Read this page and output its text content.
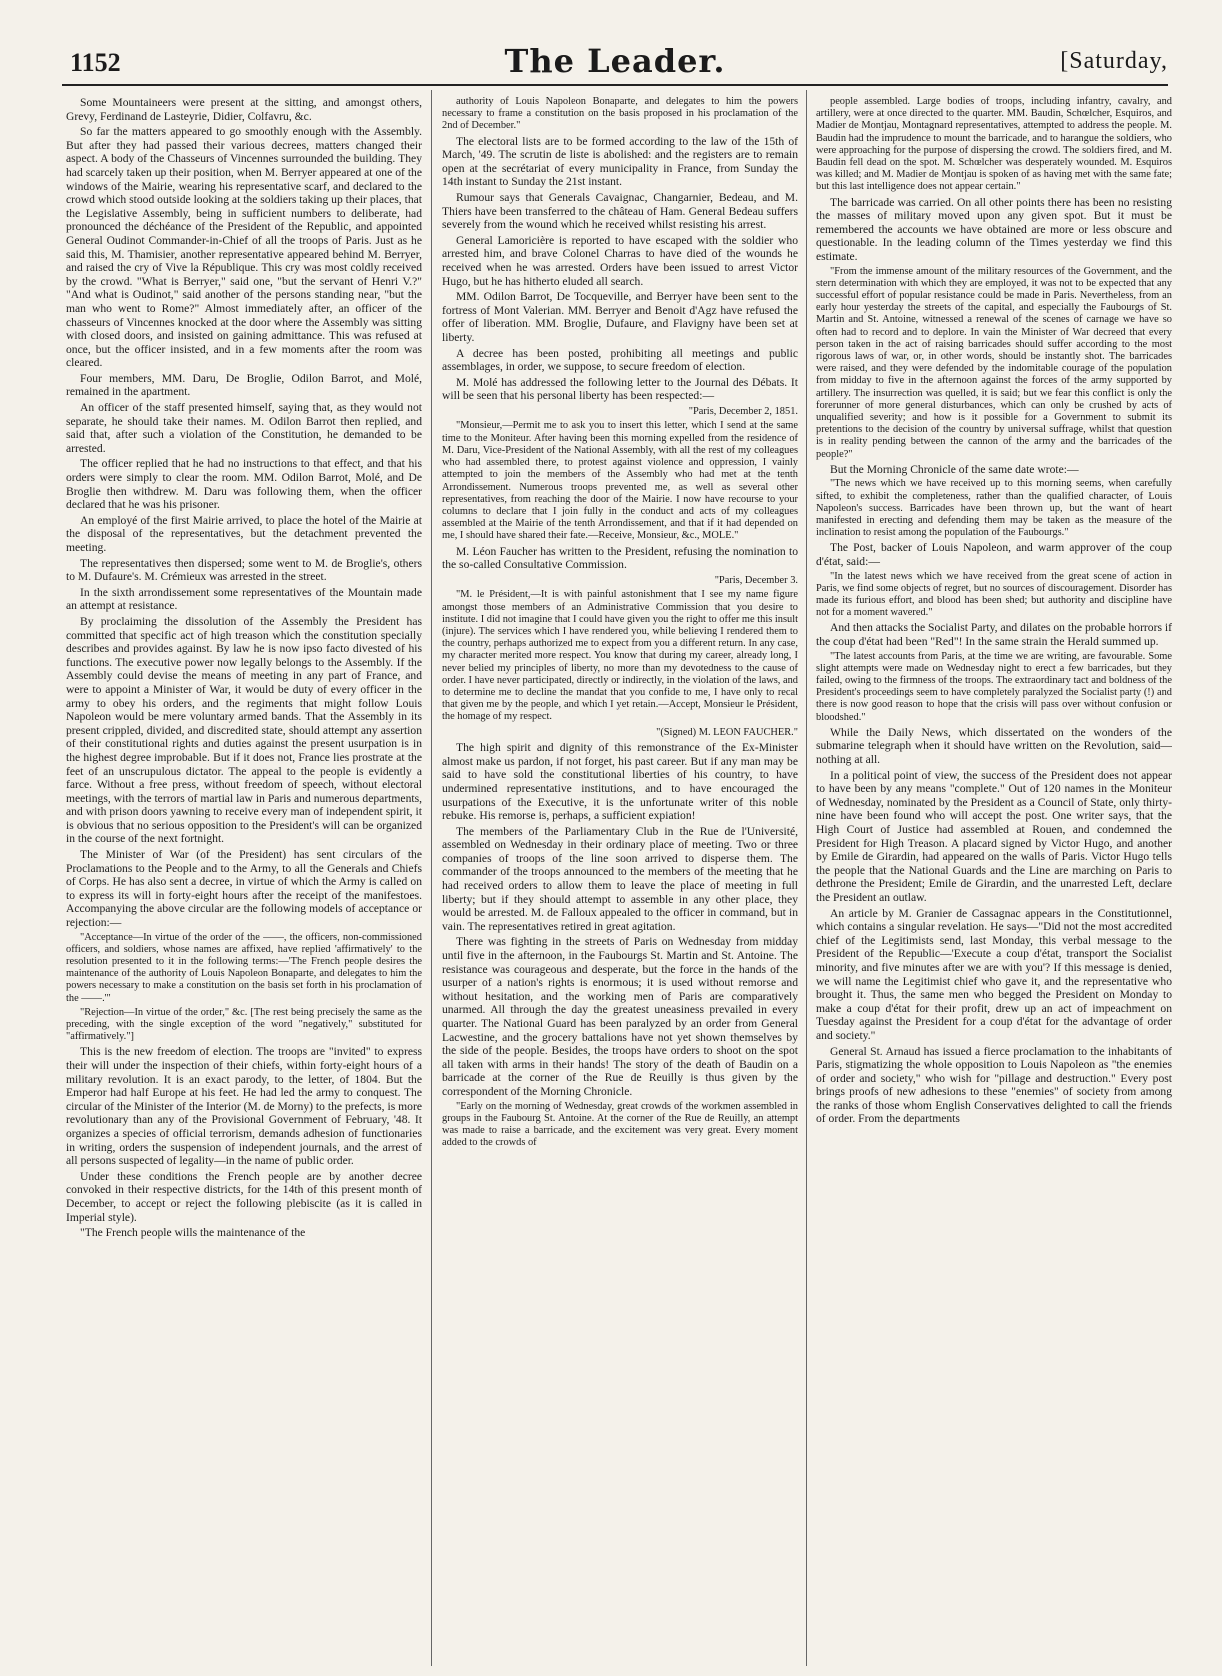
1152	The Leader.	[Saturday,

Some Mountaineers were present at the sitting, and amongst others, Grevy, Ferdinand de Lasteyrie, Didier, Colfavru, &c.

So far the matters appeared to go smoothly enough with the Assembly. But after they had passed their various decrees, matters changed their aspect. A body of the Chasseurs of Vincennes surrounded the building. They had scarcely taken up their position, when M. Berryer appeared at one of the windows of the Mairie, wearing his representative scarf, and declared to the crowd which stood outside looking at the soldiers taking up their places, that the Legislative Assembly, being in sufficient numbers to deliberate, had pronounced the déchéance of the President of the Republic, and appointed General Oudinot Commander-in-Chief of all the troops of Paris. Just as he said this, M. Thamisier, another representative appeared behind M. Berryer, and raised the cry of Vive la République. This cry was most coldly received by the crowd. "What is Berryer," said one, "but the servant of Henri V.?" "And what is Oudinot," said another of the persons standing near, "but the man who went to Rome?" Almost immediately after, an officer of the chasseurs of Vincennes knocked at the door where the Assembly was sitting with closed doors, and insisted on gaining admittance. This was refused at once, but the officer insisted, and in a few moments after the room was cleared.

Four members, MM. Daru, De Broglie, Odilon Barrot, and Molé, remained in the apartment.

An officer of the staff presented himself, saying that, as they would not separate, he should take their names. M. Odilon Barrot then replied, and said that, after such a violation of the Constitution, he demanded to be arrested.

The officer replied that he had no instructions to that effect, and that his orders were simply to clear the room. MM. Odilon Barrot, Molé, and De Broglie then withdrew. M. Daru was following them, when the officer declared that he was his prisoner.

An employé of the first Mairie arrived, to place the hotel of the Mairie at the disposal of the representatives, but the detachment prevented the meeting.

The representatives then dispersed; some went to M. de Broglie's, others to M. Dufaure's. M. Crémieux was arrested in the street.

In the sixth arrondissement some representatives of the Mountain made an attempt at resistance.

By proclaiming the dissolution of the Assembly the President has committed that specific act of high treason which the constitution specially describes and provides against. By law he is now ipso facto divested of his functions. The executive power now legally belongs to the Assembly. If the Assembly could devise the means of meeting in any part of France, and were to appoint a Minister of War, it would be duty of every officer in the army to obey his orders, and the regiments that might follow Louis Napoleon would be mere voluntary armed bands. That the Assembly in its present crippled, divided, and discredited state, should attempt any assertion of their constitutional rights and duties against the present usurpation is in the highest degree improbable. But if it does not, France lies prostrate at the feet of an unscrupulous dictator. The appeal to the people is evidently a farce. Without a free press, without freedom of speech, without electoral meetings, with the terrors of martial law in Paris and numerous departments, and with prison doors yawning to receive every man of independent spirit, it is obvious that no serious opposition to the President's will can be organized in the course of the next fortnight.

The Minister of War (of the President) has sent circulars of the Proclamations to the People and to the Army, to all the Generals and Chiefs of Corps. He has also sent a decree, in virtue of which the Army is called on to express its will in forty-eight hours after the receipt of the manifestoes. Accompanying the above circular are the following models of acceptance or rejection:—

"Acceptance—In virtue of the order of the ——, the officers, non-commissioned officers, and soldiers, whose names are affixed, have replied 'affirmatively' to the resolution presented to it in the following terms:—'The French people desires the maintenance of the authority of Louis Napoleon Bonaparte, and delegates to him the powers necessary to make a constitution on the basis set forth in his proclamation of the ——.'"

"Rejection—In virtue of the order," &c. [The rest being precisely the same as the preceding, with the single exception of the word "negatively," substituted for "affirmatively."]

This is the new freedom of election. The troops are "invited" to express their will under the inspection of their chiefs, within forty-eight hours of a military revolution. It is an exact parody, to the letter, of 1804. But the Emperor had half Europe at his feet. He had led the army to conquest. The circular of the Minister of the Interior (M. de Morny) to the prefects, is more revolutionary than any of the Provisional Government of February, '48. It organizes a species of official terrorism, demands adhesion of functionaries in writing, orders the suspension of independent journals, and the arrest of all persons suspected of legality—in the name of public order.

Under these conditions the French people are by another decree convoked in their respective districts, for the 14th of this present month of December, to accept or reject the following plebiscite (as it is called in Imperial style).

"The French people wills the maintenance of the

authority of Louis Napoleon Bonaparte, and delegates to him the powers necessary to frame a constitution on the basis proposed in his proclamation of the 2nd of December."

The electoral lists are to be formed according to the law of the 15th of March, '49. The scrutin de liste is abolished: and the registers are to remain open at the secrétariat of every municipality in France, from Sunday the 14th instant to Sunday the 21st instant.

Rumour says that Generals Cavaignac, Changarnier, Bedeau, and M. Thiers have been transferred to the château of Ham. General Bedeau suffers severely from the wound which he received whilst resisting his arrest.

General Lamoricière is reported to have escaped with the soldier who arrested him, and brave Colonel Charras to have died of the wounds he received when he was arrested. Orders have been issued to arrest Victor Hugo, but he has hitherto eluded all search.

MM. Odilon Barrot, De Tocqueville, and Berryer have been sent to the fortress of Mont Valerian. MM. Berryer and Benoit d'Agz have refused the offer of liberation. MM. Broglie, Dufaure, and Flavigny have been set at liberty.

A decree has been posted, prohibiting all meetings and public assemblages, in order, we suppose, to secure freedom of election.

M. Molé has addressed the following letter to the Journal des Débats. It will be seen that his personal liberty has been respected:—

"Paris, December 2, 1851.

"Monsieur,—Permit me to ask you to insert this letter, which I send at the same time to the Moniteur. After having been this morning expelled from the residence of M. Daru, Vice-President of the National Assembly, with all the rest of my colleagues who had assembled there, to protest against violence and oppression, I vainly attempted to join the members of the Assembly who had met at the tenth Arrondissement. Numerous troops prevented me, as well as several other representatives, from reaching the door of the Mairie. I now have recourse to your columns to declare that I join fully in the conduct and acts of my colleagues assembled at the Mairie of the tenth Arrondissement, and that if it had depended on me, I should have shared their fate.—Receive, Monsieur, &c., MOLE."

M. Léon Faucher has written to the President, refusing the nomination to the so-called Consultative Commission.

"Paris, December 3.

"M. le Président,—It is with painful astonishment that I see my name figure amongst those members of an Administrative Commission that you desire to institute. I did not imagine that I could have given you the right to offer me this insult (injure). The services which I have rendered you, while believing I rendered them to the country, perhaps authorized me to expect from you a different return. In any case, my character merited more respect. You know that during my career, already long, I never belied my principles of liberty, no more than my devotedness to the cause of order. I have never participated, directly or indirectly, in the violation of the laws, and to determine me to decline the mandat that you confide to me, I have only to recal that given me by the people, and which I yet retain.—Accept, Monsieur le Président, the homage of my respect.

"(Signed) M. LEON FAUCHER."

The high spirit and dignity of this remonstrance of the Ex-Minister almost make us pardon, if not forget, his past career. But if any man may be said to have sold the constitutional liberties of his country, to have undermined representative institutions, and to have encouraged the usurpations of the Executive, it is the unfortunate writer of this noble rebuke. His remorse is, perhaps, a sufficient expiation!

The members of the Parliamentary Club in the Rue de l'Université, assembled on Wednesday in their ordinary place of meeting. Two or three companies of troops of the line soon arrived to disperse them. The commander of the troops announced to the members of the meeting that he had received orders to allow them to leave the place of meeting in full liberty; but if they should attempt to assemble in any other place, they would be arrested. M. de Falloux appealed to the officer in command, but in vain. The representatives retired in great agitation.

There was fighting in the streets of Paris on Wednesday from midday until five in the afternoon, in the Faubourgs St. Martin and St. Antoine. The resistance was courageous and desperate, but the force in the hands of the usurper of a nation's rights is enormous; it is used without remorse and without hesitation, and the working men of Paris are comparatively unarmed. All through the day the greatest uneasiness prevailed in every quarter. The National Guard has been paralyzed by an order from General Lacwestine, and the grocery battalions have not yet shown themselves by the side of the people. Besides, the troops have orders to shoot on the spot all taken with arms in their hands! The story of the death of Baudin on a barricade at the corner of the Rue de Reuilly is thus given by the correspondent of the Morning Chronicle.

"Early on the morning of Wednesday, great crowds of the workmen assembled in groups in the Faubourg St. Antoine. At the corner of the Rue de Reuilly, an attempt was made to raise a barricade, and the excitement was very great. Every moment added to the crowds of

people assembled. Large bodies of troops, including infantry, cavalry, and artillery, were at once directed to the quarter. MM. Baudin, Schœlcher, Esquiros, and Madier de Montjau, Montagnard representatives, attempted to address the people. M. Baudin had the imprudence to mount the barricade, and to harangue the soldiers, who were approaching for the purpose of dispersing the crowd. The soldiers fired, and M. Baudin fell dead on the spot. M. Schœlcher was desperately wounded. M. Esquiros was killed; and M. Madier de Montjau is spoken of as having met with the same fate; but this last intelligence does not appear certain."

The barricade was carried. On all other points there has been no resisting the masses of military moved upon any given spot. But it must be remembered the accounts we have obtained are more or less obscure and questionable. In the leading column of the Times yesterday we find this estimate.

"From the immense amount of the military resources of the Government, and the stern determination with which they are employed, it was not to be expected that any successful effort of popular resistance could be made in Paris. Nevertheless, from an early hour yesterday the streets of the capital, and especially the Faubourgs of St. Martin and St. Antoine, witnessed a renewal of the scenes of carnage we have so often had to record and to deplore. In vain the Minister of War decreed that every person taken in the act of raising barricades should suffer according to the most rigorous laws of war, or, in other words, should be instantly shot. The barricades were raised, and they were defended by the indomitable courage of the population from midday to five in the afternoon against the forces of the army supported by artillery. The insurrection was quelled, it is said; but we fear this conflict is only the forerunner of more general disturbances, which can only be crushed by acts of unqualified severity; and how is it possible for a Government to submit its pretentions to the decision of the country by universal suffrage, whilst that question is in reality pending between the cannon of the army and the barricades of the people?"

But the Morning Chronicle of the same date wrote:—

"The news which we have received up to this morning seems, when carefully sifted, to exhibit the completeness, rather than the qualified character, of Louis Napoleon's success. Barricades have been thrown up, but the want of heart manifested in erecting and defending them may be taken as the measure of the inclination to resist among the population of the Faubourgs."

The Post, backer of Louis Napoleon, and warm approver of the coup d'état, said:—

"In the latest news which we have received from the great scene of action in Paris, we find some objects of regret, but no sources of discouragement. Disorder has made its furious effort, and blood has been shed; but authority and discipline have not for a moment wavered."

And then attacks the Socialist Party, and dilates on the probable horrors if the coup d'état had been "Red"! In the same strain the Herald summed up.

"The latest accounts from Paris, at the time we are writing, are favourable. Some slight attempts were made on Wednesday night to erect a few barricades, but they failed, owing to the firmness of the troops. The extraordinary tact and boldness of the President's proceedings seem to have completely paralyzed the Socialist party (!) and there is now good reason to hope that the crisis will pass over without confusion or bloodshed."

While the Daily News, which dissertated on the wonders of the submarine telegraph when it should have written on the Revolution, said—nothing at all.

In a political point of view, the success of the President does not appear to have been by any means "complete." Out of 120 names in the Moniteur of Wednesday, nominated by the President as a Council of State, only thirty-nine have been found who will accept the post. One writer says, that the High Court of Justice had assembled at Rouen, and condemned the President for High Treason. A placard signed by Victor Hugo, and another by Emile de Girardin, had appeared on the walls of Paris. Victor Hugo tells the people that the National Guards and the Line are marching on Paris to dethrone the President; Emile de Girardin, and the unarrested Left, declare the President an outlaw.

An article by M. Granier de Cassagnac appears in the Constitutionnel, which contains a singular revelation. He says—"Did not the most accredited chief of the Legitimists send, last Monday, this verbal message to the President of the Republic—'Execute a coup d'état, transport the Socialist minority, and five minutes after we are with you'? If this message is denied, we will name the Legitimist chief who gave it, and the representative who brought it. Thus, the same men who begged the President on Monday to make a coup d'état for their profit, drew up an act of impeachment on Tuesday against the President for a coup d'état for the advantage of order and society."

General St. Arnaud has issued a fierce proclamation to the inhabitants of Paris, stigmatizing the whole opposition to Louis Napoleon as "the enemies of order and society," who wish for "pillage and destruction." Every post brings proofs of new adhesions to these "enemies" of society from among the ranks of those whom English Conservatives delighted to call the friends of order. From the departments
